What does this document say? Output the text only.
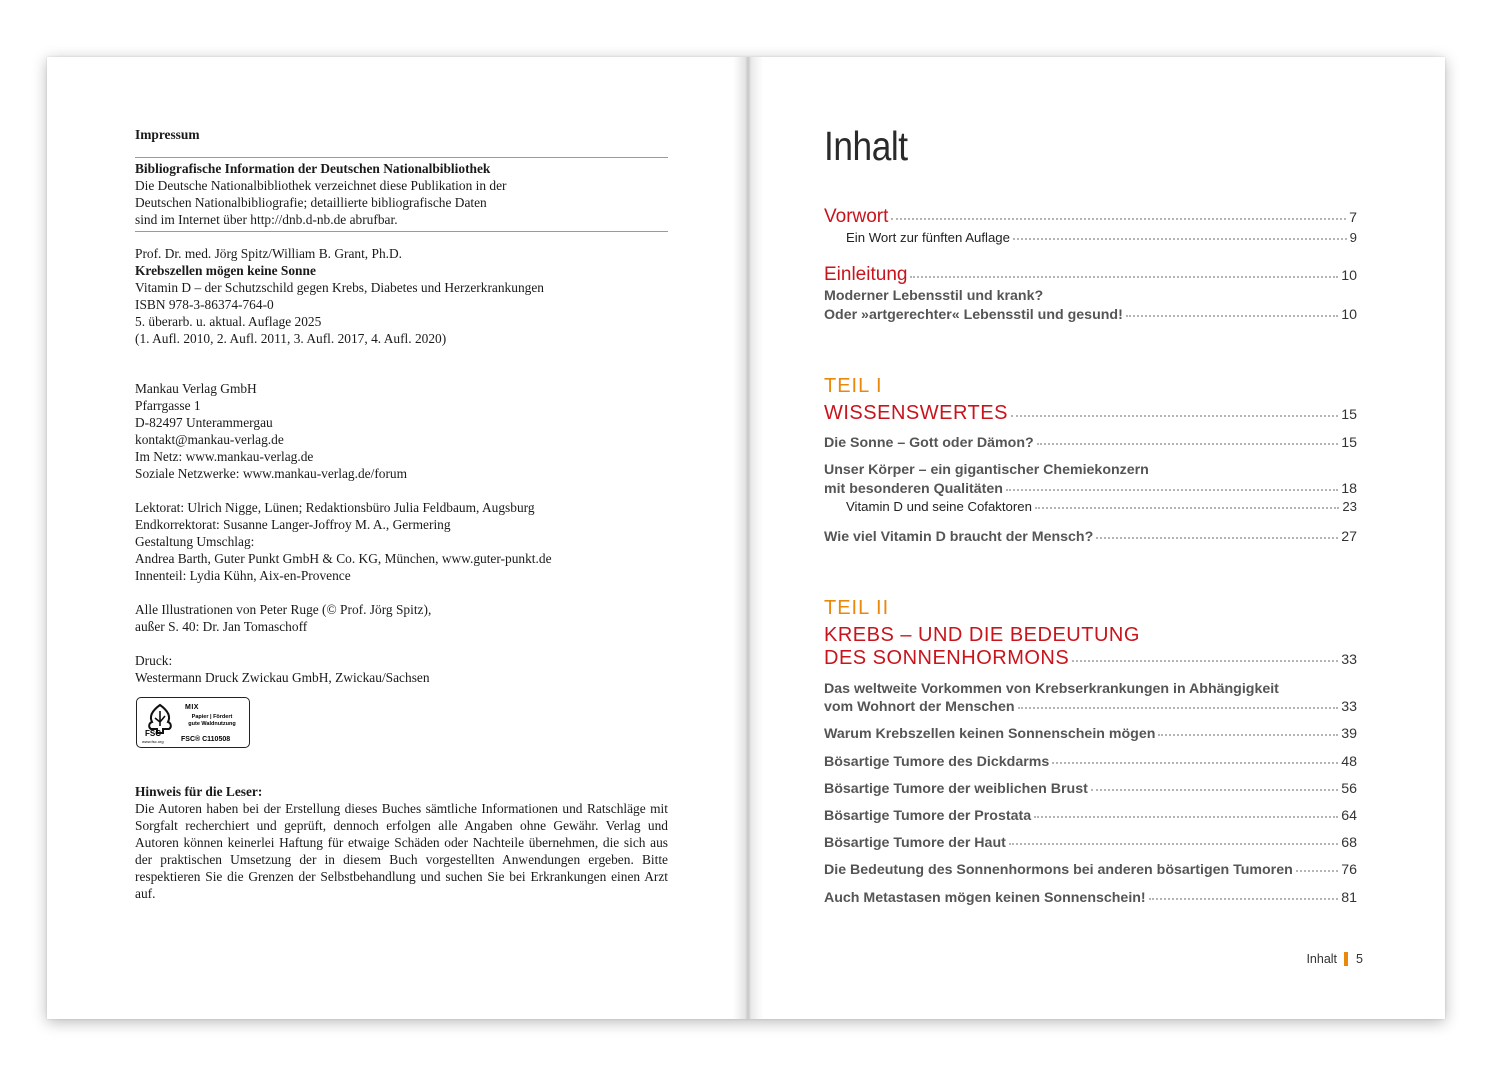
Impressum

Bibliografische Information der Deutschen Nationalbibliothek

Die Deutsche Nationalbibliothek verzeichnet diese Publikation in der

Deutschen Nationalbibliografie; detaillierte bibliografische Daten

sind im Internet über http://dnb.d-nb.de abrufbar.

Prof. Dr. med. Jörg Spitz/William B. Grant, Ph.D.

Krebszellen mögen keine Sonne

Vitamin D – der Schutzschild gegen Krebs, Diabetes und Herzerkrankungen

ISBN 978-3-86374-764-0

5. überarb. u. aktual. Auflage 2025

(1. Aufl. 2010, 2. Aufl. 2011, 3. Aufl. 2017, 4. Aufl. 2020)

Mankau Verlag GmbH

Pfarrgasse 1

D-82497 Unterammergau

kontakt@mankau-verlag.de

Im Netz: www.mankau-verlag.de

Soziale Netzwerke: www.mankau-verlag.de/forum

Lektorat: Ulrich Nigge, Lünen; Redaktionsbüro Julia Feldbaum, Augsburg

Endkorrektorat: Susanne Langer-Joffroy M. A., Germering

Gestaltung Umschlag:

Andrea Barth, Guter Punkt GmbH & Co. KG, München, www.guter-punkt.de

Innenteil: Lydia Kühn, Aix-en-Provence

Alle Illustrationen von Peter Ruge (© Prof. Jörg Spitz),

außer S. 40: Dr. Jan Tomaschoff

Druck:

Westermann Druck Zwickau GmbH, Zwickau/Sachsen

FSC
www.fsc.org
MIX
Papier | Fördert
gute Waldnutzung
FSC® C110508

Hinweis für die Leser:

Die Autoren haben bei der Erstellung dieses Buches sämtliche Informationen und Ratschläge mit Sorgfalt recherchiert und geprüft, dennoch erfolgen alle Angaben ohne Gewähr. Verlag und Autoren können keinerlei Haftung für etwaige Schäden oder Nachteile übernehmen, die sich aus der praktischen Umsetzung der in diesem Buch vorgestellten Anwendungen ergeben. Bitte respektieren Sie die Grenzen der Selbstbehandlung und suchen Sie bei Erkrankungen einen Arzt auf.

Inhalt
Vorwort	7
Ein Wort zur fünften Auflage	9
Einleitung	10
Moderner Lebensstil und krank?
Oder »artgerechter« Lebensstil und gesund!	10
TEIL I
WISSENSWERTES	15
Die Sonne – Gott oder Dämon?	15
Unser Körper – ein gigantischer Chemiekonzern
mit besonderen Qualitäten	18
Vitamin D und seine Cofaktoren	23
Wie viel Vitamin D braucht der Mensch?	27
TEIL II
KREBS – UND DIE BEDEUTUNG
DES SONNENHORMONS	33
Das weltweite Vorkommen von Krebserkrankungen in Abhängigkeit
vom Wohnort der Menschen	33
Warum Krebszellen keinen Sonnenschein mögen	39
Bösartige Tumore des Dickdarms	48
Bösartige Tumore der weiblichen Brust	56
Bösartige Tumore der Prostata	64
Bösartige Tumore der Haut	68
Die Bedeutung des Sonnenhormons bei anderen bösartigen Tumoren	76
Auch Metastasen mögen keinen Sonnenschein!	81
Inhalt 5
